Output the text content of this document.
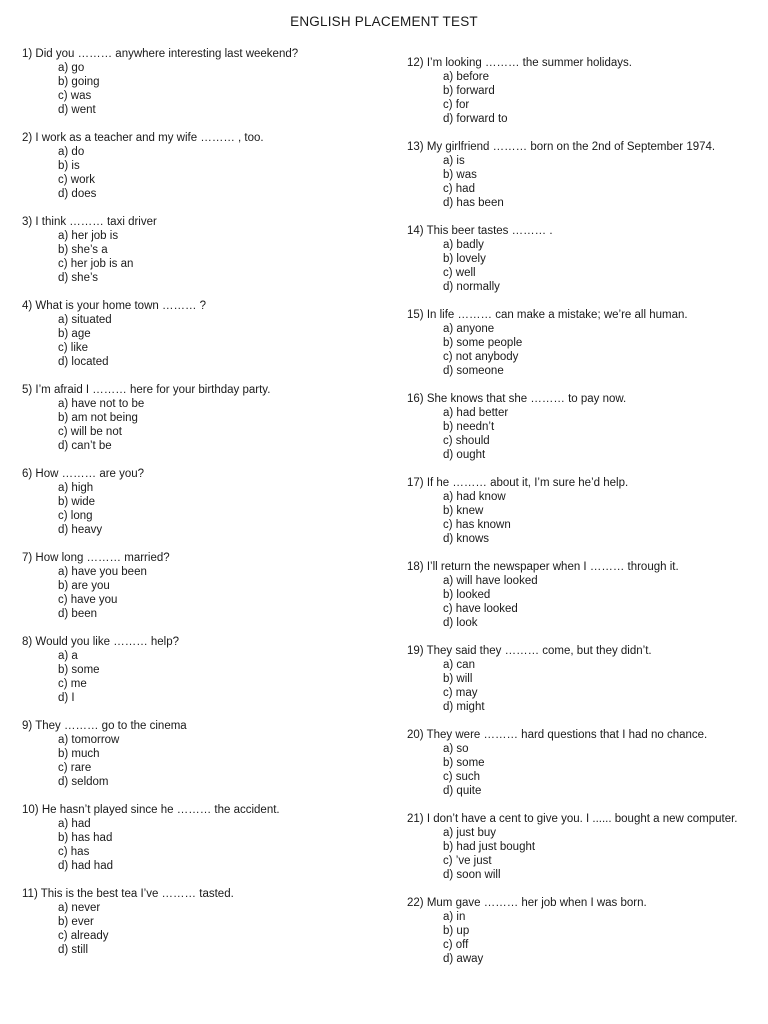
ENGLISH PLACEMENT TEST
1) Did you ……… anywhere interesting last weekend?
a) go
b) going
c) was
d) went
2) I work as a teacher and my wife ……… , too.
a) do
b) is
c) work
d) does
3) I think ……… taxi driver
a) her job is
b) she’s a
c) her job is an
d) she’s
4) What is your home town ……… ?
a) situated
b) age
c) like
d) located
5) I’m afraid I ……… here for your birthday party.
a) have not to be
b) am not being
c) will be not
d) can’t be
6) How ……… are you?
a) high
b) wide
c) long
d) heavy
7) How long ……… married?
a) have you been
b) are you
c) have you
d) been
8) Would you like ……… help?
a) a
b) some
c) me
d) I
9) They ……… go to the cinema
a) tomorrow
b) much
c) rare
d) seldom
10) He hasn’t played since he ……… the accident.
a) had
b) has had
c) has
d) had had
11) This is the best tea I’ve ……… tasted.
a) never
b) ever
c) already
d) still
12) I’m looking ……… the summer holidays.
a) before
b) forward
c) for
d) forward to
13) My girlfriend ……… born on the 2nd of September 1974.
a) is
b) was
c) had
d) has been
14) This beer tastes ……… .
a) badly
b) lovely
c) well
d) normally
15) In life ……… can make a mistake; we’re all human.
a) anyone
b) some people
c) not anybody
d) someone
16) She knows that she ……… to pay now.
a) had better
b) needn’t
c) should
d) ought
17) If he ……… about it, I’m sure he’d help.
a) had know
b) knew
c) has known
d) knows
18) I’ll return the newspaper when I ……… through it.
a) will have looked
b) looked
c) have looked
d) look
19) They said they ……… come, but they didn’t.
a) can
b) will
c) may
d) might
20) They were ……… hard questions that I had no chance.
a) so
b) some
c) such
d) quite
21) I don’t have a cent to give you. I ...... bought a new computer.
a) just buy
b) had just bought
c) ’ve just
d) soon will
22) Mum gave ……… her job when I was born.
a) in
b) up
c) off
d) away
